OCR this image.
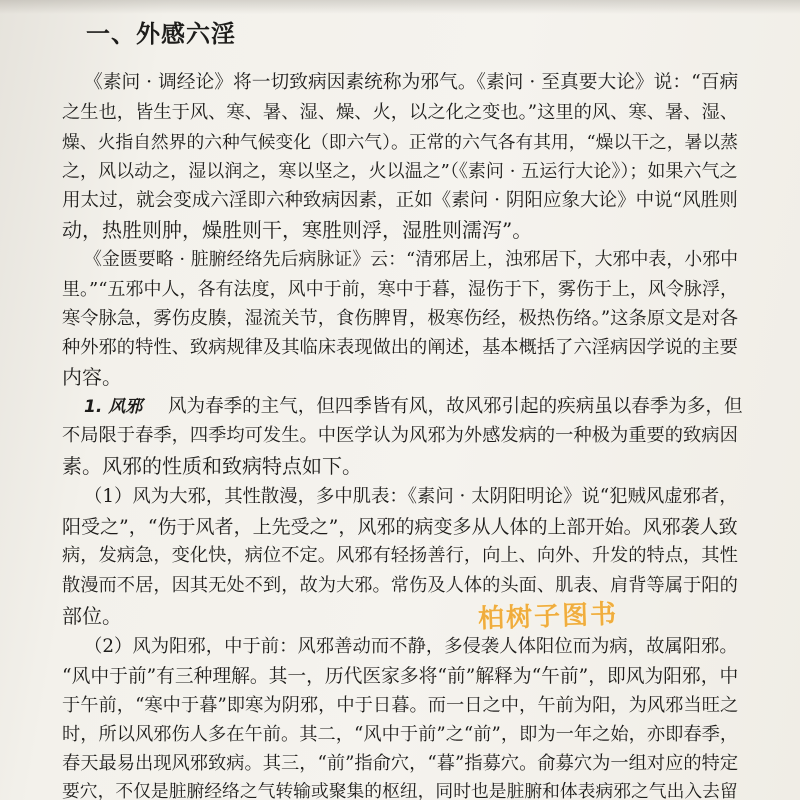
一、外感六淫
《素问 · 调经论》将一切致病因素统称为邪气。《素问 · 至真要大论》说：“百病
之生也，皆生于风、寒、暑、湿、燥、火，以之化之变也。”这里的风、寒、暑、湿、
燥、火指自然界的六种气候变化（即六气）。正常的六气各有其用，“燥以干之，暑以蒸
之，风以动之，湿以润之，寒以坚之，火以温之”（《素问 · 五运行大论》）；如果六气之
用太过，就会变成六淫即六种致病因素，正如《素问 · 阴阳应象大论》中说“风胜则
动，热胜则肿，燥胜则干，寒胜则浮，湿胜则濡泻”。
《金匮要略 · 脏腑经络先后病脉证》云：“清邪居上，浊邪居下，大邪中表，小邪中
里。”“五邪中人，各有法度，风中于前，寒中于暮，湿伤于下，雾伤于上，风令脉浮，
寒令脉急，雾伤皮腠，湿流关节，食伤脾胃，极寒伤经，极热伤络。”这条原文是对各
种外邪的特性、致病规律及其临床表现做出的阐述，基本概括了六淫病因学说的主要
内容。
1. 风邪 风为春季的主气，但四季皆有风，故风邪引起的疾病虽以春季为多，但
不局限于春季，四季均可发生。中医学认为风邪为外感发病的一种极为重要的致病因
素。风邪的性质和致病特点如下。
（1）风为大邪，其性散漫，多中肌表：《素问 · 太阴阳明论》说“犯贼风虚邪者，
阳受之”，“伤于风者，上先受之”，风邪的病变多从人体的上部开始。风邪袭人致
病，发病急，变化快，病位不定。风邪有轻扬善行，向上、向外、升发的特点，其性
散漫而不居，因其无处不到，故为大邪。常伤及人体的头面、肌表、肩背等属于阳的
部位。
（2）风为阳邪，中于前：风邪善动而不静，多侵袭人体阳位而为病，故属阳邪。
“风中于前”有三种理解。其一，历代医家多将“前”解释为“午前”，即风为阳邪，中
于午前，“寒中于暮”即寒为阴邪，中于日暮。而一日之中，午前为阳，为风邪当旺之
时，所以风邪伤人多在午前。其二，“风中于前”之“前”，即为一年之始，亦即春季，
春天最易出现风邪致病。其三，“前”指俞穴，“暮”指募穴。俞募穴为一组对应的特定
要穴，不仅是脏腑经络之气转输或聚集的枢纽，同时也是脏腑和体表病邪之气出入去留
柏树子图书
